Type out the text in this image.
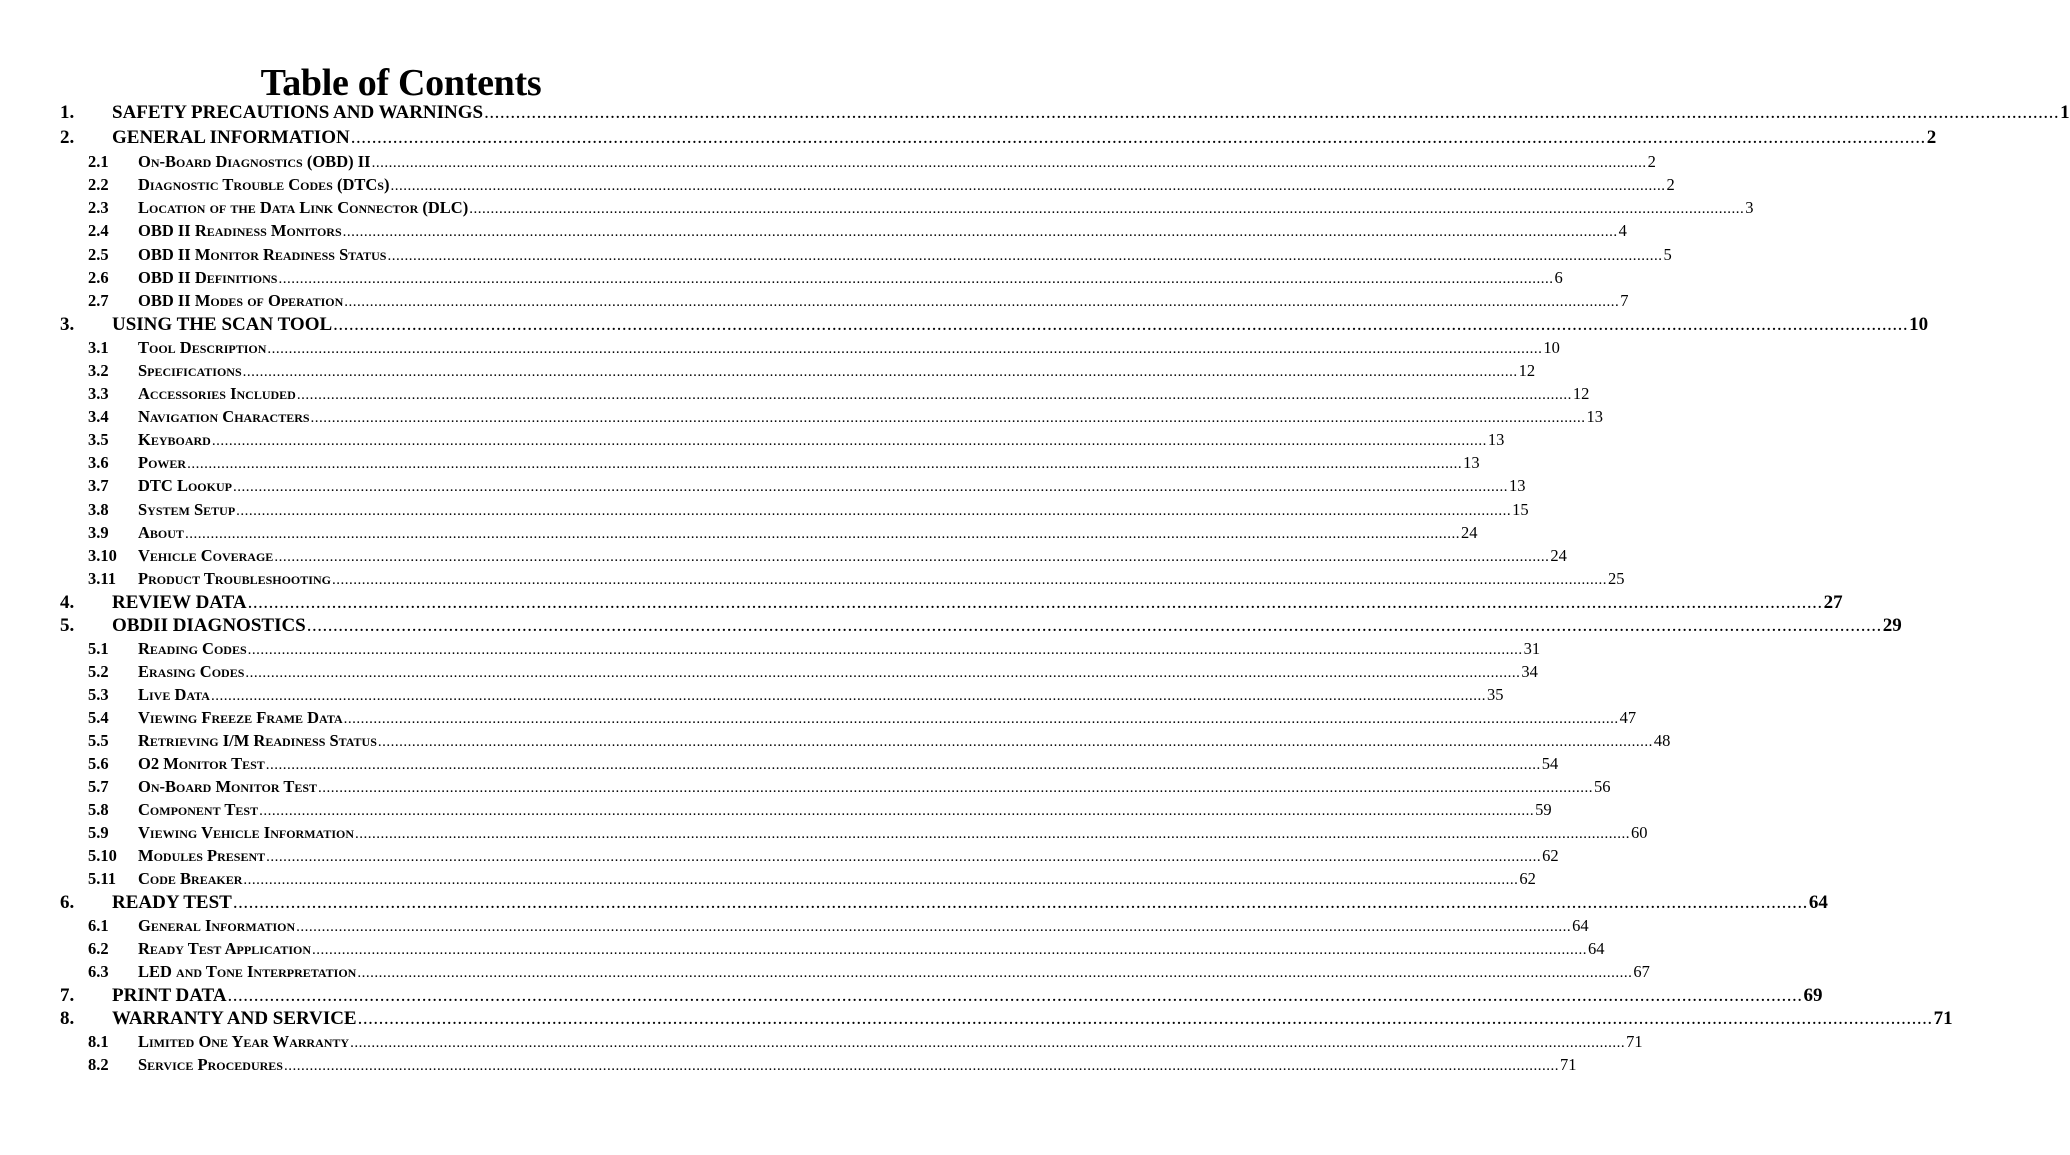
Table of Contents
1.	SAFETY PRECAUTIONS AND WARNINGS ............................................................................................................................................................................................................................................................................................................ 1
2.	GENERAL INFORMATION ............................................................................................................................................................................................................................................................................................................ 2
2.1	On-Board Diagnostics (OBD) II ............................................................................................................................................................................................................................................................................................................ 2
2.2	Diagnostic Trouble Codes (DTCs) ............................................................................................................................................................................................................................................................................................................ 2
2.3	Location of the Data Link Connector (DLC) ............................................................................................................................................................................................................................................................................................................ 3
2.4	OBD II Readiness Monitors ............................................................................................................................................................................................................................................................................................................ 4
2.5	OBD II Monitor Readiness Status ............................................................................................................................................................................................................................................................................................................ 5
2.6	OBD II Definitions ............................................................................................................................................................................................................................................................................................................ 6
2.7	OBD II Modes of Operation ............................................................................................................................................................................................................................................................................................................ 7
3.	USING THE SCAN TOOL ............................................................................................................................................................................................................................................................................................................ 10
3.1	Tool Description ............................................................................................................................................................................................................................................................................................................ 10
3.2	Specifications ............................................................................................................................................................................................................................................................................................................ 12
3.3	Accessories Included ............................................................................................................................................................................................................................................................................................................ 12
3.4	Navigation Characters ............................................................................................................................................................................................................................................................................................................ 13
3.5	Keyboard ............................................................................................................................................................................................................................................................................................................ 13
3.6	Power ............................................................................................................................................................................................................................................................................................................ 13
3.7	DTC Lookup ............................................................................................................................................................................................................................................................................................................ 13
3.8	System Setup ............................................................................................................................................................................................................................................................................................................ 15
3.9	About ............................................................................................................................................................................................................................................................................................................ 24
3.10	Vehicle Coverage ............................................................................................................................................................................................................................................................................................................ 24
3.11	Product Troubleshooting ............................................................................................................................................................................................................................................................................................................ 25
4.	REVIEW DATA ............................................................................................................................................................................................................................................................................................................ 27
5.	OBDII DIAGNOSTICS ............................................................................................................................................................................................................................................................................................................ 29
5.1	Reading Codes ............................................................................................................................................................................................................................................................................................................ 31
5.2	Erasing Codes ............................................................................................................................................................................................................................................................................................................ 34
5.3	Live Data ............................................................................................................................................................................................................................................................................................................ 35
5.4	Viewing Freeze Frame Data ............................................................................................................................................................................................................................................................................................................ 47
5.5	Retrieving I/M Readiness Status ............................................................................................................................................................................................................................................................................................................ 48
5.6	O2 Monitor Test ............................................................................................................................................................................................................................................................................................................ 54
5.7	On-Board Monitor Test ............................................................................................................................................................................................................................................................................................................ 56
5.8	Component Test ............................................................................................................................................................................................................................................................................................................ 59
5.9	Viewing Vehicle Information ............................................................................................................................................................................................................................................................................................................ 60
5.10	Modules Present ............................................................................................................................................................................................................................................................................................................ 62
5.11	Code Breaker ............................................................................................................................................................................................................................................................................................................ 62
6.	READY TEST ............................................................................................................................................................................................................................................................................................................ 64
6.1	General Information ............................................................................................................................................................................................................................................................................................................ 64
6.2	Ready Test Application ............................................................................................................................................................................................................................................................................................................ 64
6.3	LED and Tone Interpretation ............................................................................................................................................................................................................................................................................................................ 67
7.	PRINT DATA ............................................................................................................................................................................................................................................................................................................ 69
8.	WARRANTY AND SERVICE ............................................................................................................................................................................................................................................................................................................ 71
8.1	Limited One Year Warranty ............................................................................................................................................................................................................................................................................................................ 71
8.2	Service Procedures ............................................................................................................................................................................................................................................................................................................ 71
